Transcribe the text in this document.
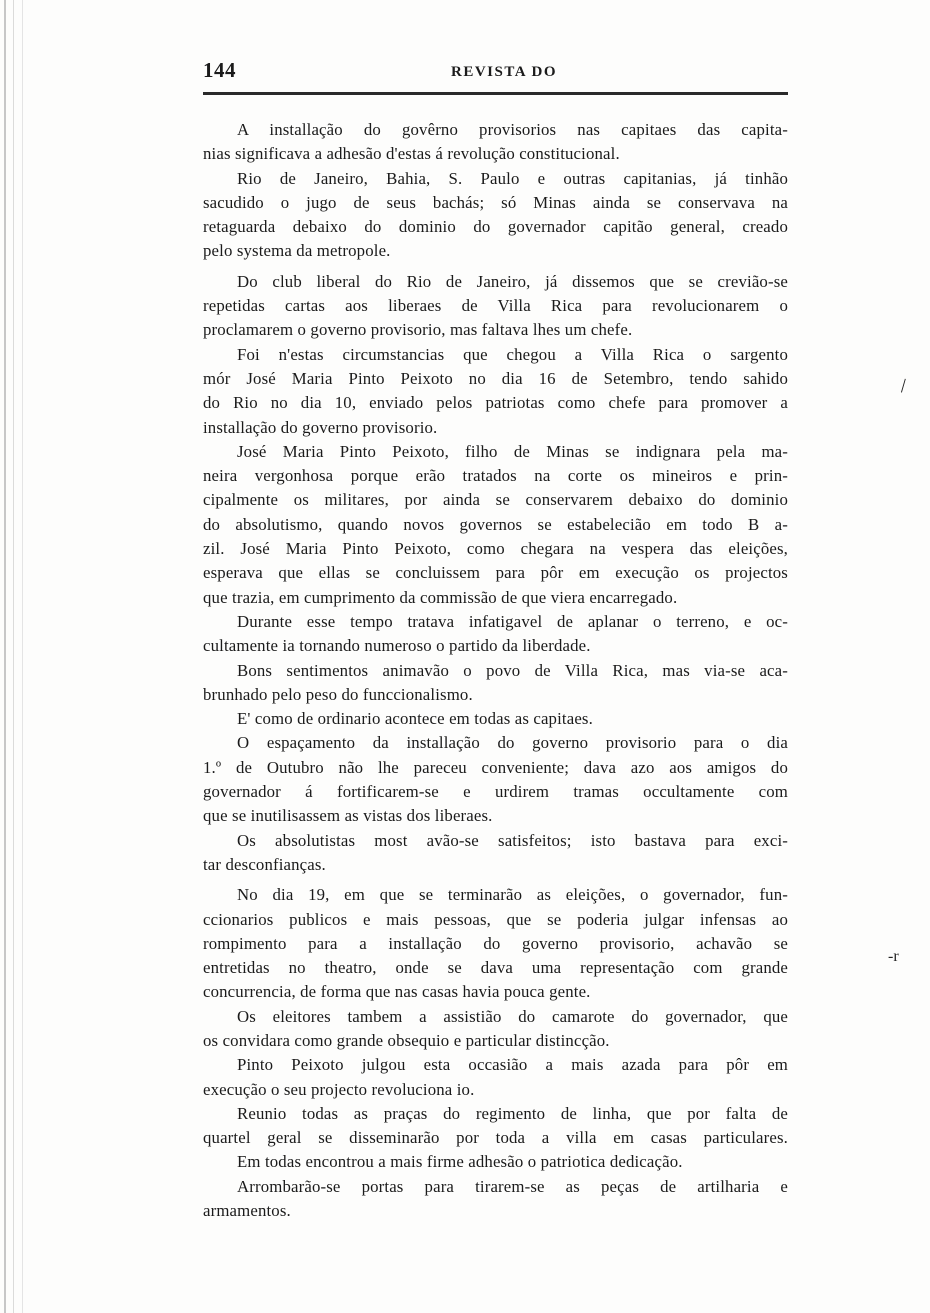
144	REVISTA DO
A installação do govêrno provisorios nas capitaes das capita-
nias significava a adhesão d'estas á revolução constitucional.
Rio de Janeiro, Bahia, S. Paulo e outras capitanias, já tinhão
sacudido o jugo de seus bachás; só Minas ainda se conservava na
retaguarda debaixo do dominio do governador capitão general, creado
pelo systema da metropole.
Do club liberal do Rio de Janeiro, já dissemos que se crevião-se
repetidas cartas aos liberaes de Villa Rica para revolucionarem o
proclamarem o governo provisorio, mas faltava lhes um chefe.
Foi n'estas circumstancias que chegou a Villa Rica o sargento
mór José Maria Pinto Peixoto no dia 16 de Setembro, tendo sahido
do Rio no dia 10, enviado pelos patriotas como chefe para promover a
installação do governo provisorio.
José Maria Pinto Peixoto, filho de Minas se indignara pela ma-
neira vergonhosa porque erão tratados na corte os mineiros e prin-
cipalmente os militares, por ainda se conservarem debaixo do dominio
do absolutismo, quando novos governos se estabelecião em todo B a-
zil. José Maria Pinto Peixoto, como chegara na vespera das eleições,
esperava que ellas se concluissem para pôr em execução os projectos
que trazia, em cumprimento da commissão de que viera encarregado.
Durante esse tempo tratava infatigavel de aplanar o terreno, e oc-
cultamente ia tornando numeroso o partido da liberdade.
Bons sentimentos animavão o povo de Villa Rica, mas via-se aca-
brunhado pelo peso do funccionalismo.
E' como de ordinario acontece em todas as capitaes.
O espaçamento da installação do governo provisorio para o dia
1.º de Outubro não lhe pareceu conveniente; dava azo aos amigos do
governador á fortificarem-se e urdirem tramas occultamente com
que se inutilisassem as vistas dos liberaes.
Os absolutistas most avão-se satisfeitos; isto bastava para exci-
tar desconfianças.
No dia 19, em que se terminarão as eleições, o governador, fun-
ccionarios publicos e mais pessoas, que se poderia julgar infensas ao
rompimento para a installação do governo provisorio, achavão se
entretidas no theatro, onde se dava uma representação com grande
concurrencia, de forma que nas casas havia pouca gente.
Os eleitores tambem a assistião do camarote do governador, que
os convidara como grande obsequio e particular distincção.
Pinto Peixoto julgou esta occasião a mais azada para pôr em
execução o seu projecto revoluciona io.
Reunio todas as praças do regimento de linha, que por falta de
quartel geral se disseminarão por toda a villa em casas particulares.
Em todas encontrou a mais firme adhesão o patriotica dedicação.
Arrombarão-se portas para tirarem-se as peças de artilharia e
armamentos.
\
-r
